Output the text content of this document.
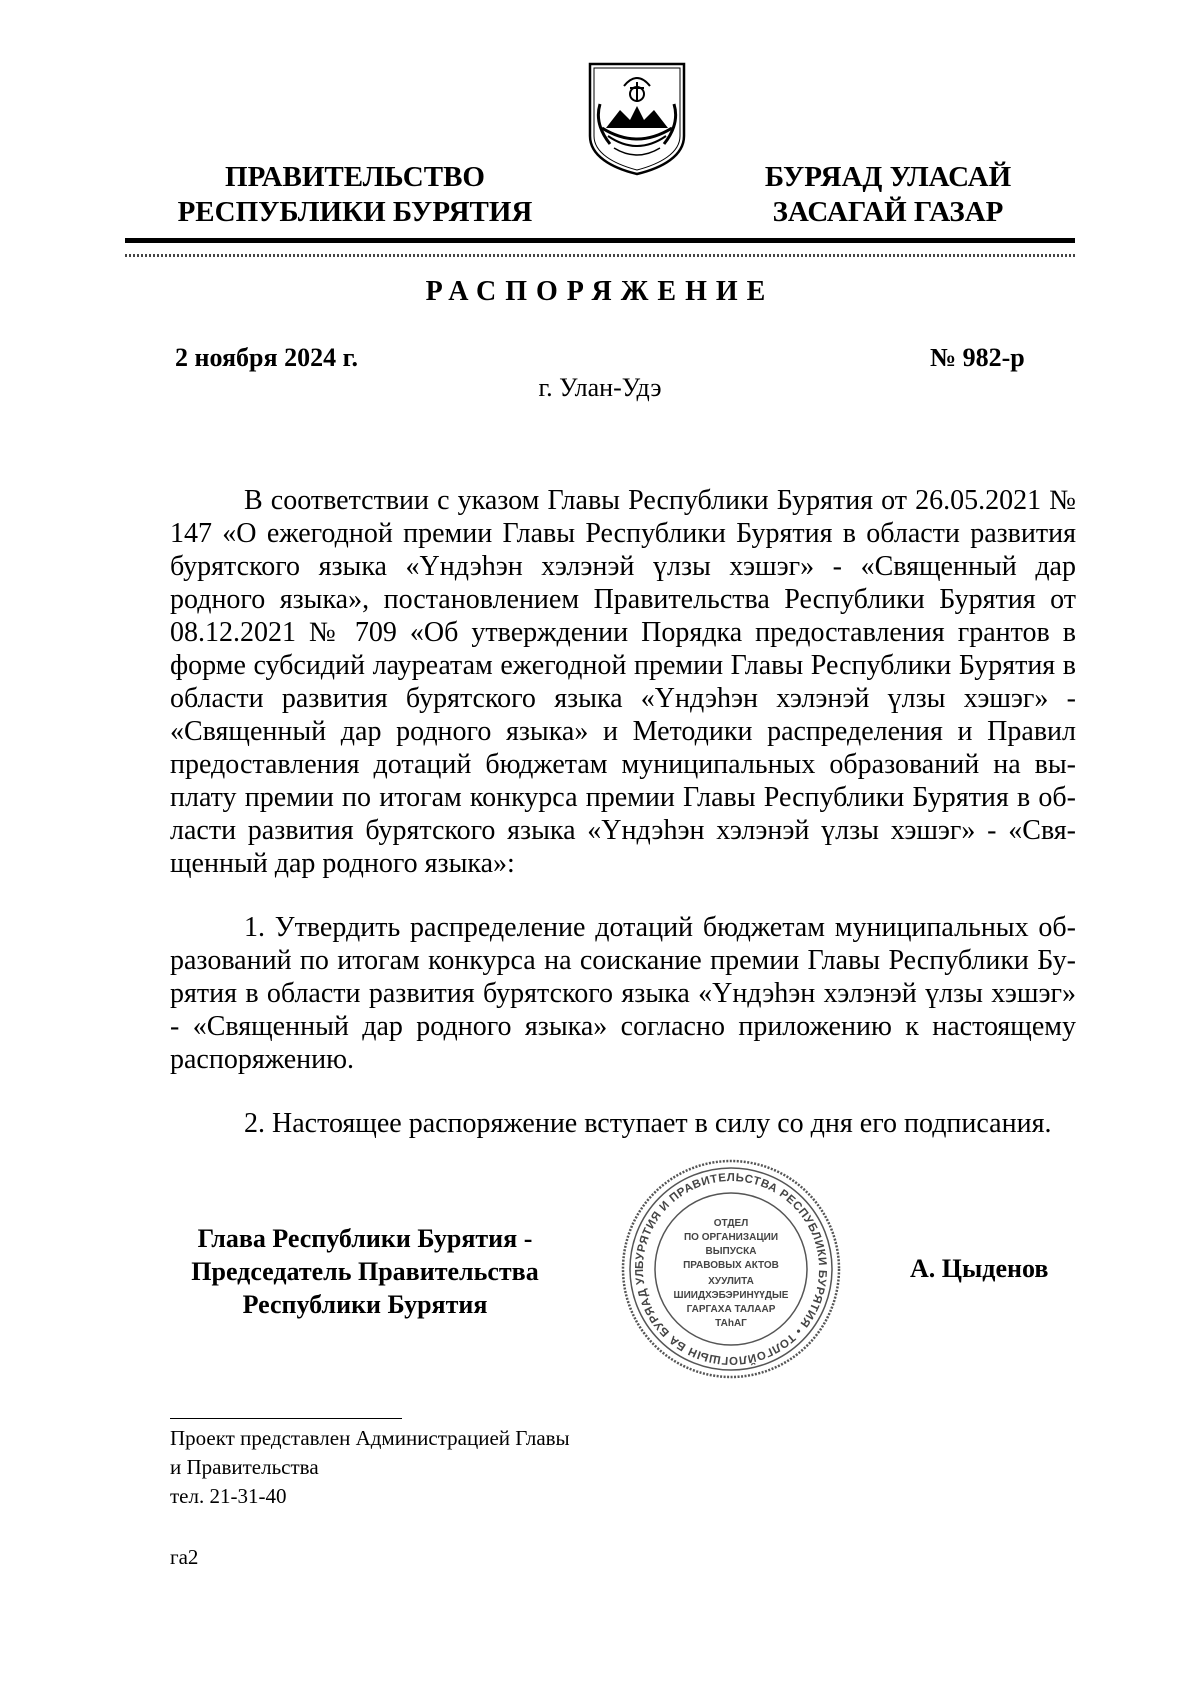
ПРАВИТЕЛЬСТВО
РЕСПУБЛИКИ БУРЯТИЯ
БУРЯАД УЛАСАЙ
ЗАСАГАЙ ГАЗАР
РАСПОРЯЖЕНИЕ
2 ноября 2024 г.	№ 982-р
г. Улан-Удэ

В соответствии с указом Главы Республики Бурятия от 26.05.2021 № 147 «О ежегодной премии Главы Республики Бурятия в области развития бурятского языка «Үндэһэн хэлэнэй үлзы хэшэг» - «Священный дар родного языка», постановлением Правительства Республики Бурятия от 08.12.2021 № 709 «Об утверждении Порядка предоставления грантов в форме субсидий лауреатам ежегодной премии Главы Республики Бурятия в области развития бурятского языка «Үндэһэн хэлэнэй үлзы хэшэг» - «Священный дар родного языка» и Методики распределения и Правил предоставления дотаций бюджетам муниципальных образований на выплату премии по итогам конкурса премии Главы Республики Бурятия в области развития бурятского языка «Үндэһэн хэлэнэй үлзы хэшэг» - «Священный дар родного языка»:

1. Утвердить распределение дотаций бюджетам муниципальных образований по итогам конкурса на соискание премии Главы Республики Бурятия в области развития бурятского языка «Үндэһэн хэлэнэй үлзы хэшэг» - «Священный дар родного языка» согласно приложению к настоящему распоряжению.

2. Настоящее распоряжение вступает в силу со дня его подписания.

Глава Республики Бурятия -
Председатель Правительства
Республики Бурятия
БУРЯТИЯ И ПРАВИТЕЛЬСТВА РЕСПУБЛИКИ БУРЯТИЯ • ТОЛГОЙЛОГШЫН БА БУРЯАД УЛ
ОТДЕЛ
ПО ОРГАНИЗАЦИИ
ВЫПУСКА
ПРАВОВЫХ АКТОВ
ХУУЛИТА
ШИИДХЭБЭРИНҮҮДЫЕ
ГАРГАХА ТАЛААР
ТАһАГ
А. Цыденов
Проект представлен Администрацией Главы
и Правительства
тел. 21-31-40
га2
